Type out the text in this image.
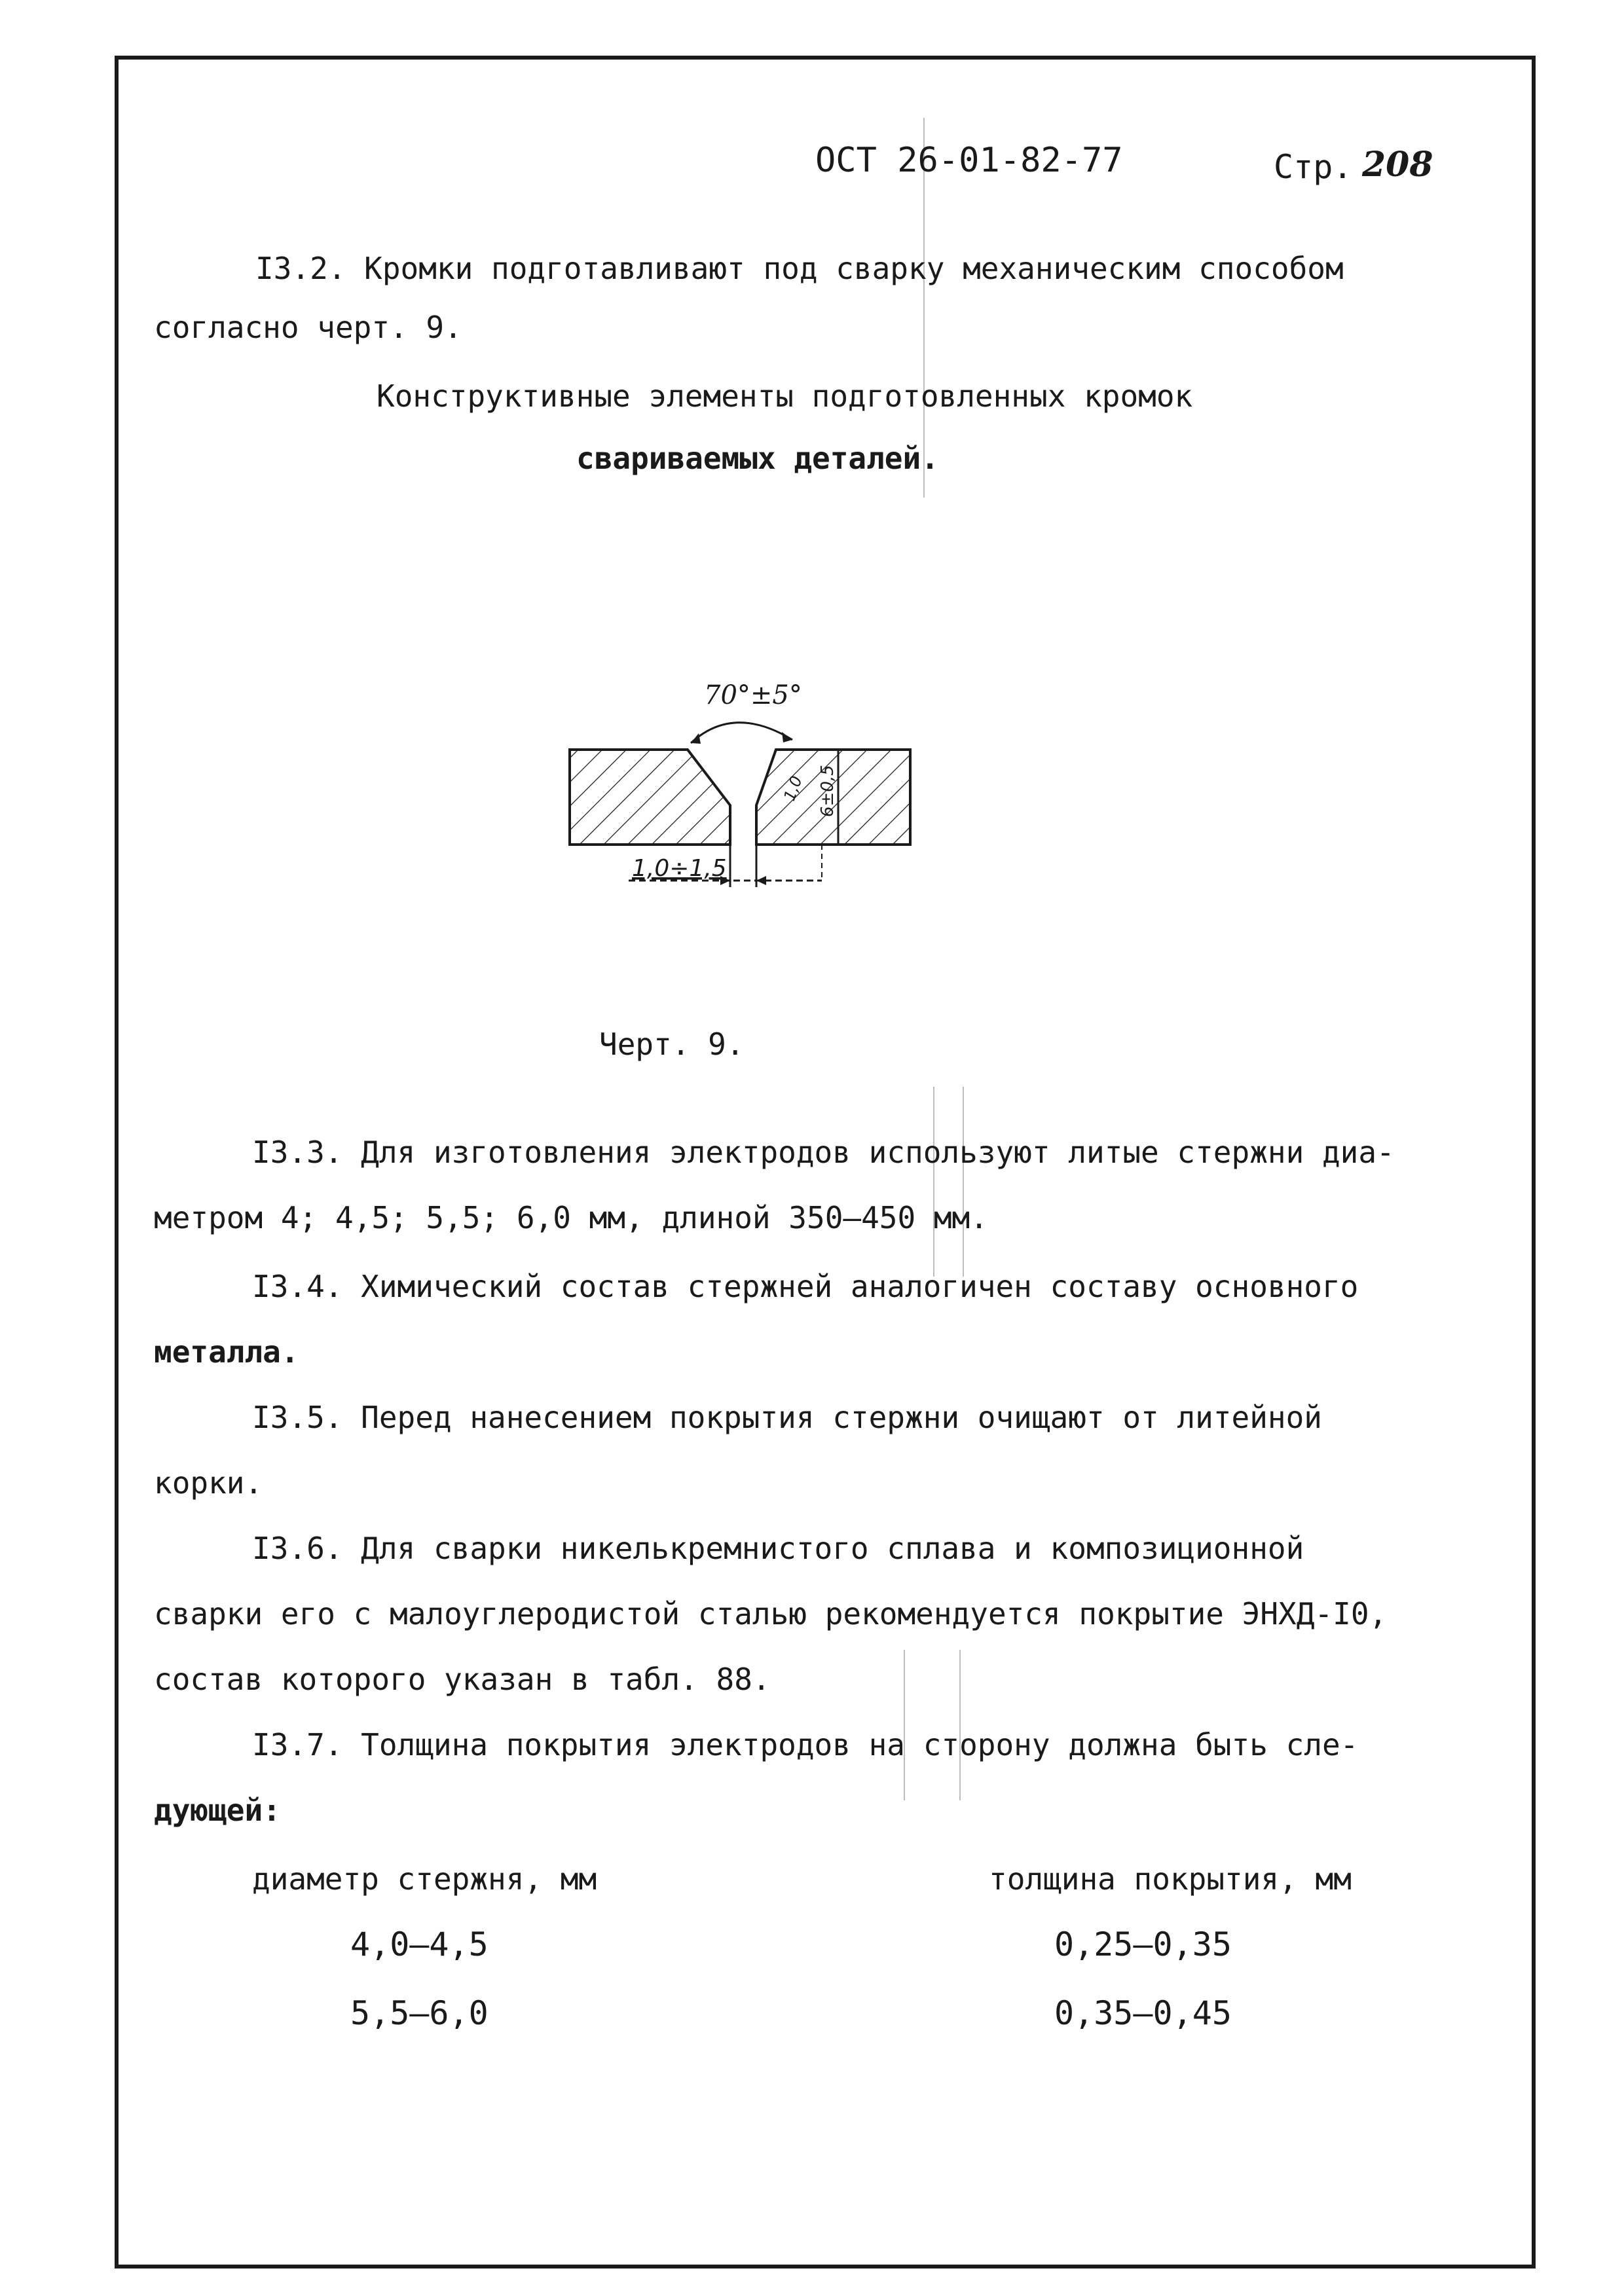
ОСТ 26-01-82-77	Стр. 208
I3.2. Кромки подготавливают под сварку механическим способом
согласно черт. 9.
Конструктивные элементы подготовленных кромок
свариваемых деталей.
70°±5°
6±0,5
1,0
1,0÷1,5
Черт. 9.
I3.3. Для изготовления электродов используют литые стержни диа-
метром 4; 4,5; 5,5; 6,0 мм, длиной 350–450 мм.
I3.4. Химический состав стержней аналогичен составу основного
металла.
I3.5. Перед нанесением покрытия стержни очищают от литейной
корки.
I3.6. Для сварки никелькремнистого сплава и композиционной
сварки его с малоуглеродистой сталью рекомендуется покрытие ЭНХД-I0,
состав которого указан в табл. 88.
I3.7. Толщина покрытия электродов на сторону должна быть сле-
дующей:
диаметр стержня, мм	толщина покрытия, мм
4,0–4,5	0,25–0,35
5,5–6,0	0,35–0,45
